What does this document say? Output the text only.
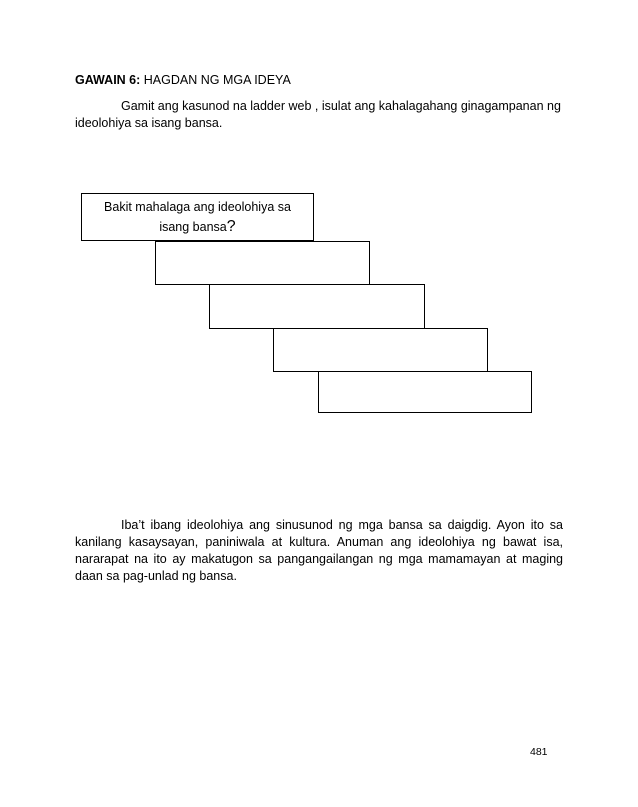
GAWAIN 6: HAGDAN NG MGA IDEYA
Gamit ang kasunod na ladder web , isulat ang kahalagahang ginagampanan ng ideolohiya sa isang bansa.
Bakit mahalaga ang ideolohiya sa isang bansa?
Iba’t ibang ideolohiya ang sinusunod ng mga bansa sa daigdig. Ayon ito sa kanilang kasaysayan, paniniwala at kultura. Anuman ang ideolohiya ng bawat isa, nararapat na ito ay makatugon sa pangangailangan ng mga mamamayan at maging daan sa pag-unlad ng bansa.
481
